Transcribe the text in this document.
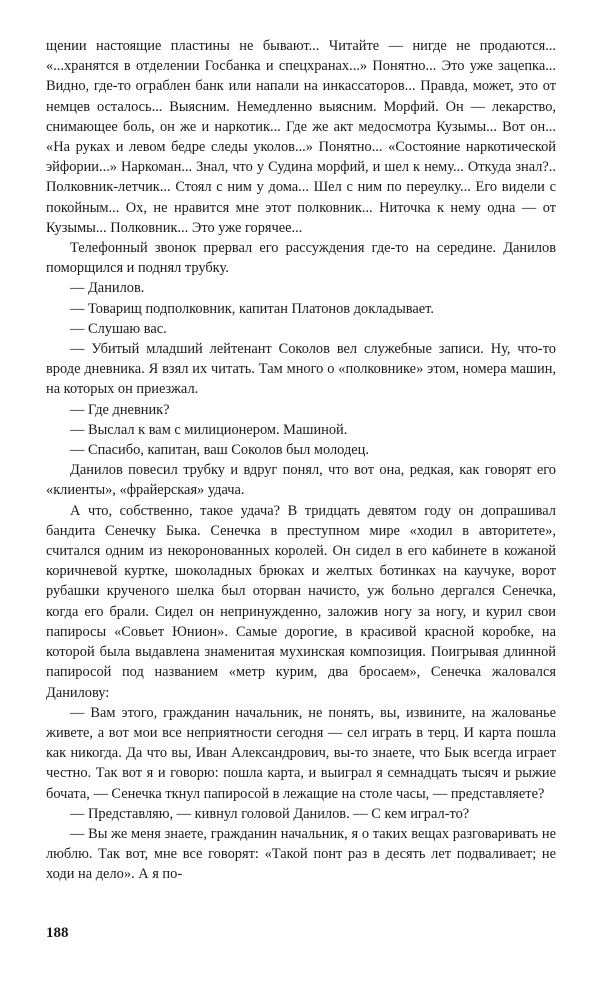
щении настоящие пластины не бывают... Читайте — нигде не продаются... «...хранятся в отделении Госбанка и спецхранах...» Понятно... Это уже зацепка... Видно, где-то ограблен банк или напали на инкассаторов... Правда, может, это от немцев осталось... Выясним. Немедленно выясним. Морфий. Он — лекарство, снимающее боль, он же и наркотик... Где же акт медосмотра Кузымы... Вот он... «На руках и левом бедре следы уколов...» Понятно... «Состояние наркотической эйфории...» Наркоман... Знал, что у Судина морфий, и шел к нему... Откуда знал?.. Полковник-летчик... Стоял с ним у дома... Шел с ним по переулку... Его видели с покойным... Ох, не нравится мне этот полковник... Ниточка к нему одна — от Кузымы... Полковник... Это уже горячее...

Телефонный звонок прервал его рассуждения где-то на середине. Данилов поморщился и поднял трубку.

— Данилов.

— Товарищ подполковник, капитан Платонов докладывает.

— Слушаю вас.

— Убитый младший лейтенант Соколов вел служебные записи. Ну, что-то вроде дневника. Я взял их читать. Там много о «полковнике» этом, номера машин, на которых он приезжал.

— Где дневник?

— Выслал к вам с милиционером. Машиной.

— Спасибо, капитан, ваш Соколов был молодец.

Данилов повесил трубку и вдруг понял, что вот она, редкая, как говорят его «клиенты», «фрайерская» удача.

А что, собственно, такое удача? В тридцать девятом году он допрашивал бандита Сенечку Быка. Сенечка в преступном мире «ходил в авторитете», считался одним из некоронованных королей. Он сидел в его кабинете в кожаной коричневой куртке, шоколадных брюках и желтых ботинках на каучуке, ворот рубашки крученого шелка был оторван начисто, уж больно дергался Сенечка, когда его брали. Сидел он непринужденно, заложив ногу за ногу, и курил свои папиросы «Совьет Юнион». Самые дорогие, в красивой красной коробке, на которой была выдавлена знаменитая мухинская композиция. Поигрывая длинной папиросой под названием «метр курим, два бросаем», Сенечка жаловался Данилову:

— Вам этого, гражданин начальник, не понять, вы, извините, на жалованье живете, а вот мои все неприятности сегодня — сел играть в терц. И карта пошла как никогда. Да что вы, Иван Александрович, вы-то знаете, что Бык всегда играет честно. Так вот я и говорю: пошла карта, и выиграл я семнадцать тысяч и рыжие бочата, — Сенечка ткнул папиросой в лежащие на столе часы, — представляете?

— Представляю, — кивнул головой Данилов. — С кем играл-то?

— Вы же меня знаете, гражданин начальник, я о таких вещах разговаривать не люблю. Так вот, мне все говорят: «Такой понт раз в десять лет подваливает; не ходи на дело». А я по-

188
